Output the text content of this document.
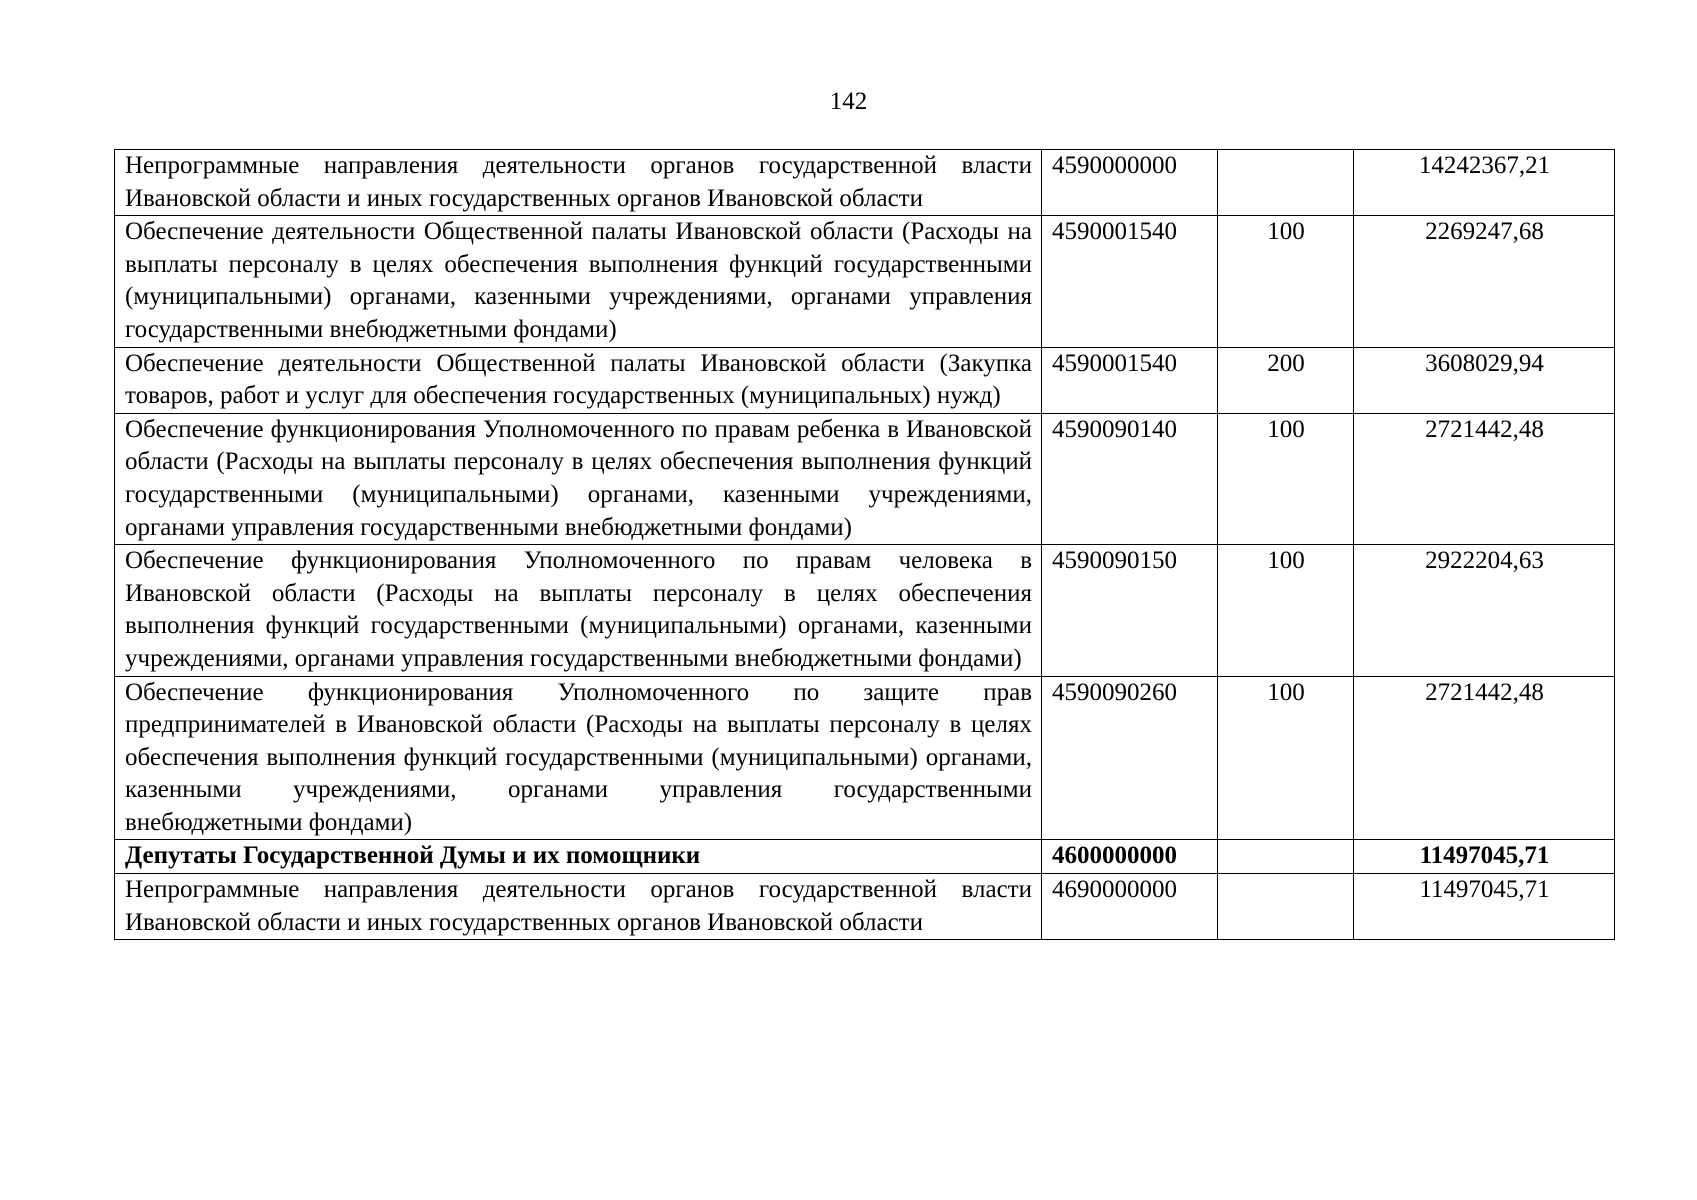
142
Непрограммные направления деятельности органов государственной власти Ивановской области и иных государственных органов Ивановской области	4590000000		14242367,21
Обеспечение деятельности Общественной палаты Ивановской области (Расходы на выплаты персоналу в целях обеспечения выполнения функций государственными (муниципальными) органами, казенными учреждениями, органами управления государственными внебюджетными фондами)	4590001540	100	2269247,68
Обеспечение деятельности Общественной палаты Ивановской области (Закупка товаров, работ и услуг для обеспечения государственных (муниципальных) нужд)	4590001540	200	3608029,94
Обеспечение функционирования Уполномоченного по правам ребенка в Ивановской области (Расходы на выплаты персоналу в целях обеспечения выполнения функций государственными (муниципальными) органами, казенными учреждениями, органами управления государственными внебюджетными фондами)	4590090140	100	2721442,48
Обеспечение функционирования Уполномоченного по правам человека в Ивановской области (Расходы на выплаты персоналу в целях обеспечения выполнения функций государственными (муниципальными) органами, казенными учреждениями, органами управления государственными внебюджетными фондами)	4590090150	100	2922204,63
Обеспечение функционирования Уполномоченного по защите прав предпринимателей в Ивановской области (Расходы на выплаты персоналу в целях обеспечения выполнения функций государственными (муниципальными) органами, казенными учреждениями, органами управления государственными внебюджетными фондами)	4590090260	100	2721442,48
Депутаты Государственной Думы и их помощники	4600000000		11497045,71
Непрограммные направления деятельности органов государственной власти Ивановской области и иных государственных органов Ивановской области	4690000000		11497045,71
